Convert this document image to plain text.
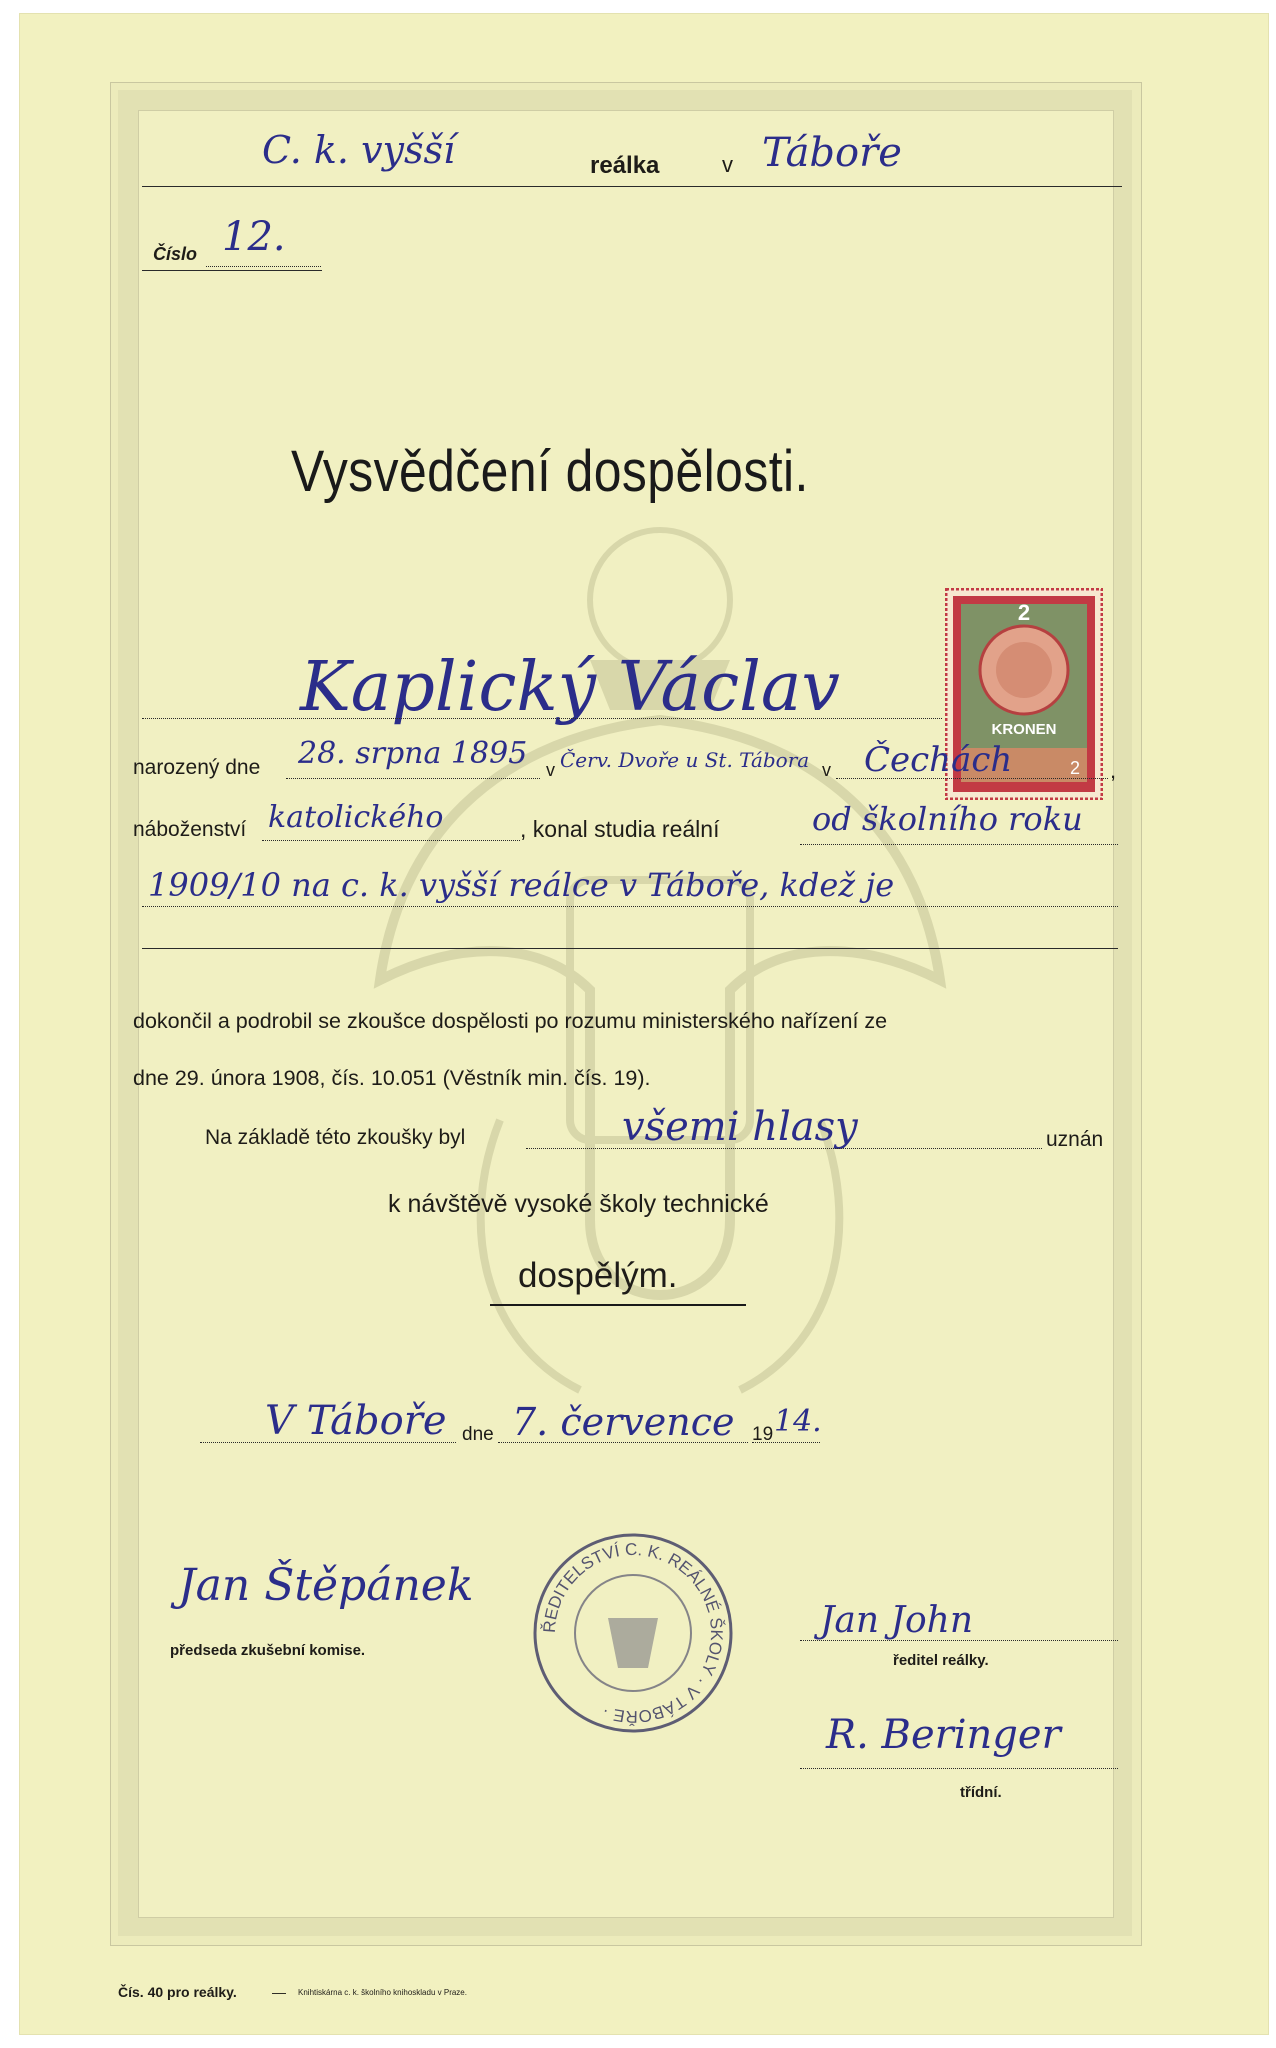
C. k. vyšší	reálka	v Táboře
Číslo 12.
Vysvědčení dospělosti.
2
KRONEN
2
Kaplický Václav
narozený dne 28. srpna 1895 v Červ. Dvoře u St. Tábora v Čechách	,
náboženství katolického	, konal studia reální	od školního roku
1909/10 na c. k. vyšší reálce v Táboře, kdež je
dokončil a podrobil se zkoušce dospělosti po rozumu ministerského nařízení ze
dne 29. února 1908, čís. 10.051 (Věstník min. čís. 19).
Na základě této zkoušky byl	všemi hlasy	uznán
k návštěvě vysoké školy technické
dospělým.
V Táboře dne 7. července 19 14.
Jan Štěpánek
předseda zkušební komise.
ŘEDITELSTVÍ C. K. REÁLNÉ ŠKOLY · V TÁBOŘE ·
Jan John
ředitel reálky.
R. Beringer
třídní.
Čís. 40 pro reálky.	— Knihtiskárna c. k. školního knihoskladu v Praze.
